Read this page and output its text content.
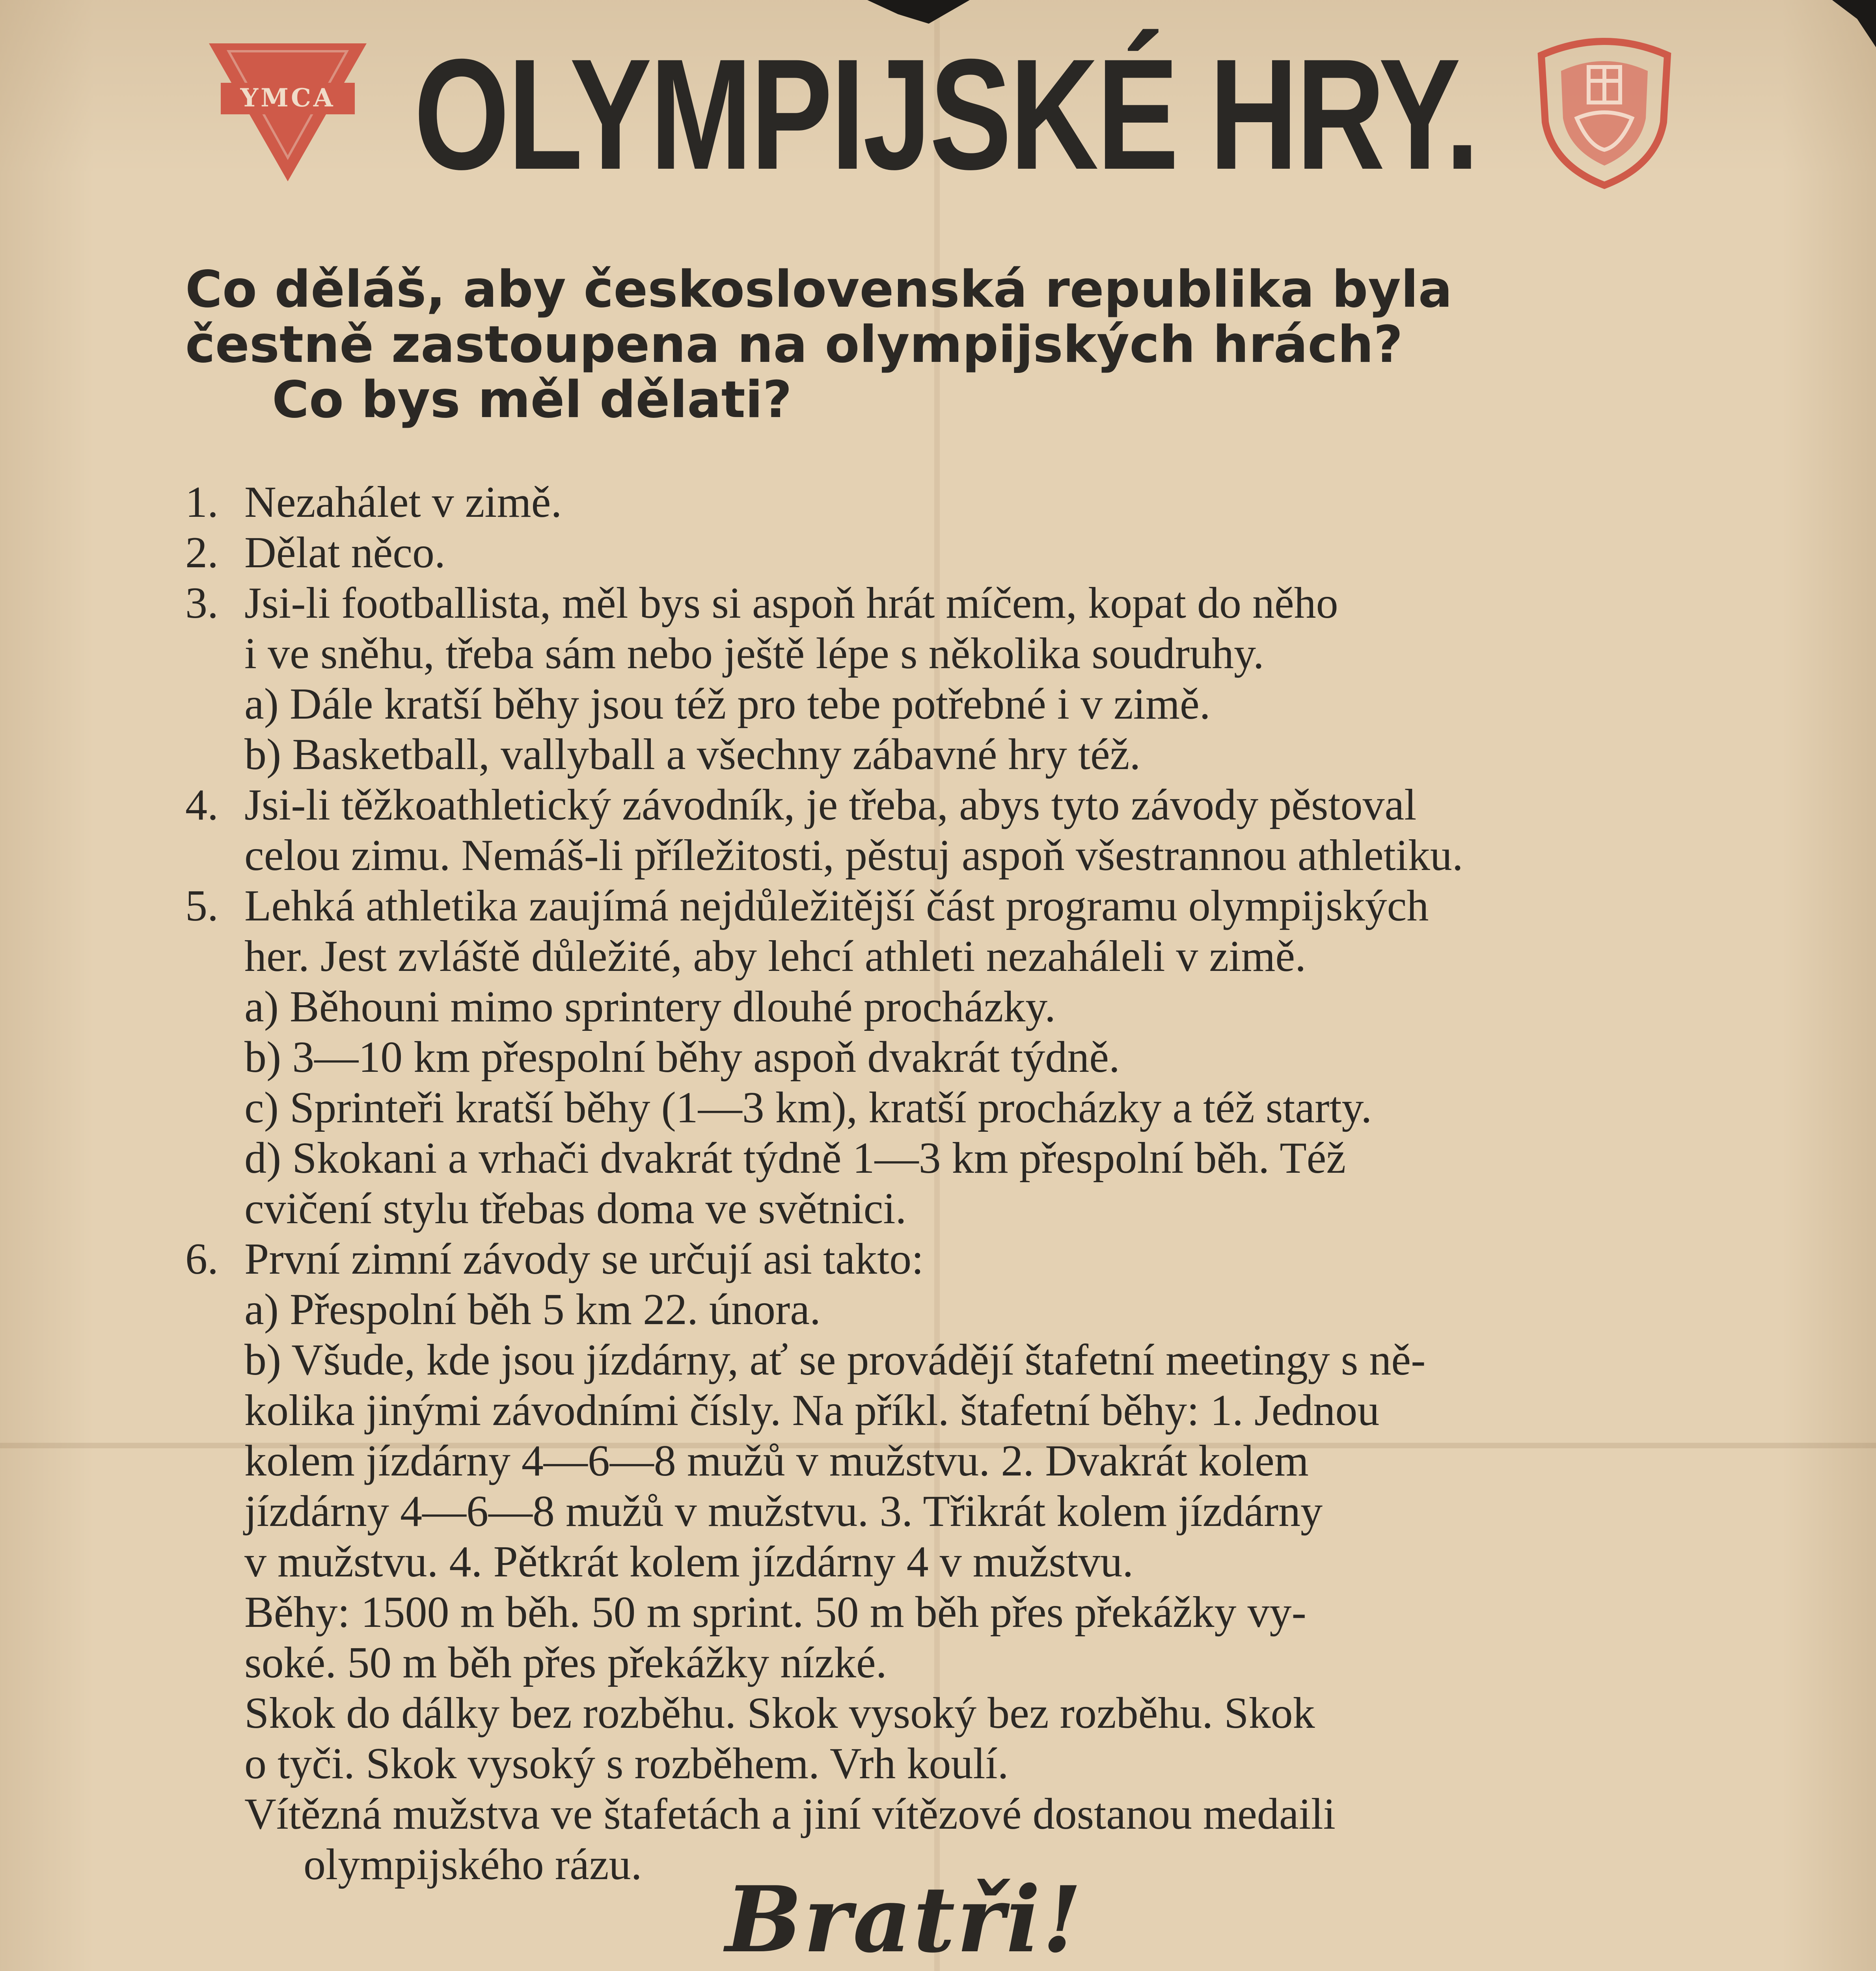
YMCA OLYMPIJSKÉ HRY.
Co děláš, aby československá republika byla
čestně zastoupena na olympijských hrách?
Co bys měl dělati?
1. Nezahálet v zimě.
2. Dělat něco.
3. Jsi-li footballista, měl bys si aspoň hrát míčem, kopat do něho
i ve sněhu, třeba sám nebo ještě lépe s několika soudruhy.
a) Dále kratší běhy jsou též pro tebe potřebné i v zimě.
b) Basketball, vallyball a všechny zábavné hry též.
4. Jsi-li těžkoathletický závodník, je třeba, abys tyto závody pěstoval
celou zimu. Nemáš-li příležitosti, pěstuj aspoň všestrannou athletiku.
5. Lehká athletika zaujímá nejdůležitější část programu olympijských
her. Jest zvláště důležité, aby lehcí athleti nezaháleli v zimě.
a) Běhouni mimo sprintery dlouhé procházky.
b) 3—10 km přespolní běhy aspoň dvakrát týdně.
c) Sprinteři kratší běhy (1—3 km), kratší procházky a též starty.
d) Skokani a vrhači dvakrát týdně 1—3 km přespolní běh. Též
cvičení stylu třebas doma ve světnici.
6. První zimní závody se určují asi takto:
a) Přespolní běh 5 km 22. února.
b) Všude, kde jsou jízdárny, ať se provádějí štafetní meetingy s ně-
kolika jinými závodními čísly. Na příkl. štafetní běhy: 1. Jednou
kolem jízdárny 4—6—8 mužů v mužstvu. 2. Dvakrát kolem
jízdárny 4—6—8 mužů v mužstvu. 3. Třikrát kolem jízdárny
v mužstvu. 4. Pětkrát kolem jízdárny 4 v mužstvu.
Běhy: 1500 m běh. 50 m sprint. 50 m běh přes překážky vy-
soké. 50 m běh přes překážky nízké.
Skok do dálky bez rozběhu. Skok vysoký bez rozběhu. Skok
o tyči. Skok vysoký s rozběhem. Vrh koulí.
Vítězná mužstva ve štafetách a jiní vítězové dostanou medaili
olympijského rázu.
Bratři!
